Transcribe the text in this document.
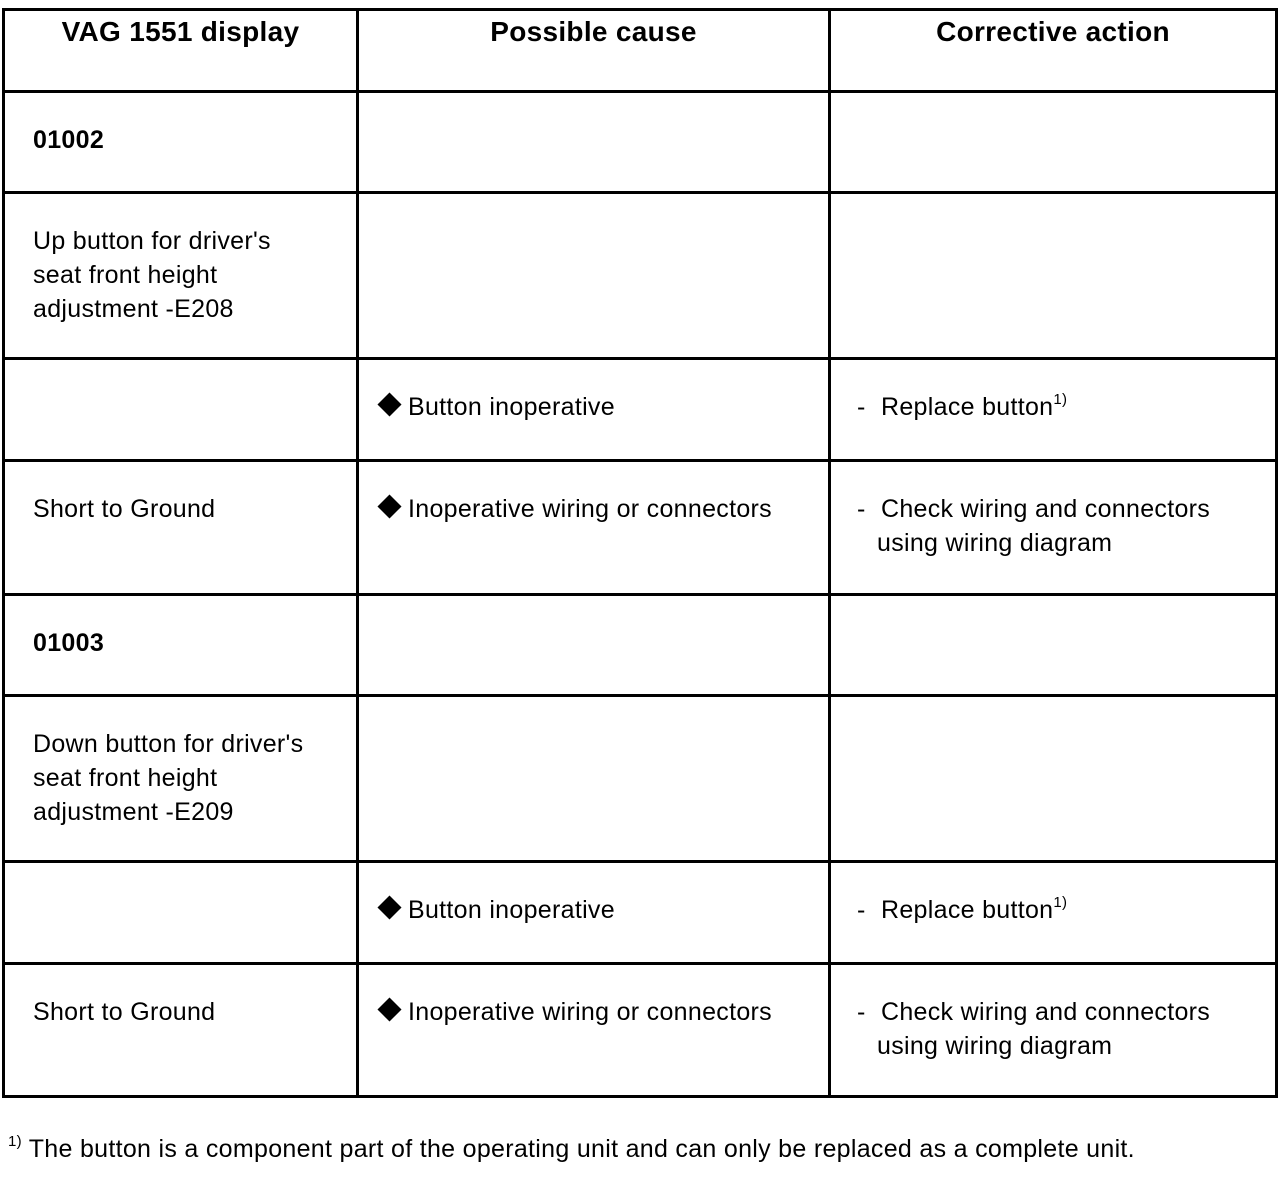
VAG 1551 display	Possible cause	Corrective action

01002		

Up button for driver's
seat front height
adjustment -E208		

	Button inoperative	- Replace button$^{1)}$

Short to Ground	Inoperative wiring or connectors	- Check wiring and connectors
using wiring diagram

01003		

Down button for driver's
seat front height
adjustment -E209		

	Button inoperative	- Replace button$^{1)}$

Short to Ground	Inoperative wiring or connectors	- Check wiring and connectors
using wiring diagram
$^{1)}$ The button is a component part of the operating unit and can only be replaced as a complete unit.
